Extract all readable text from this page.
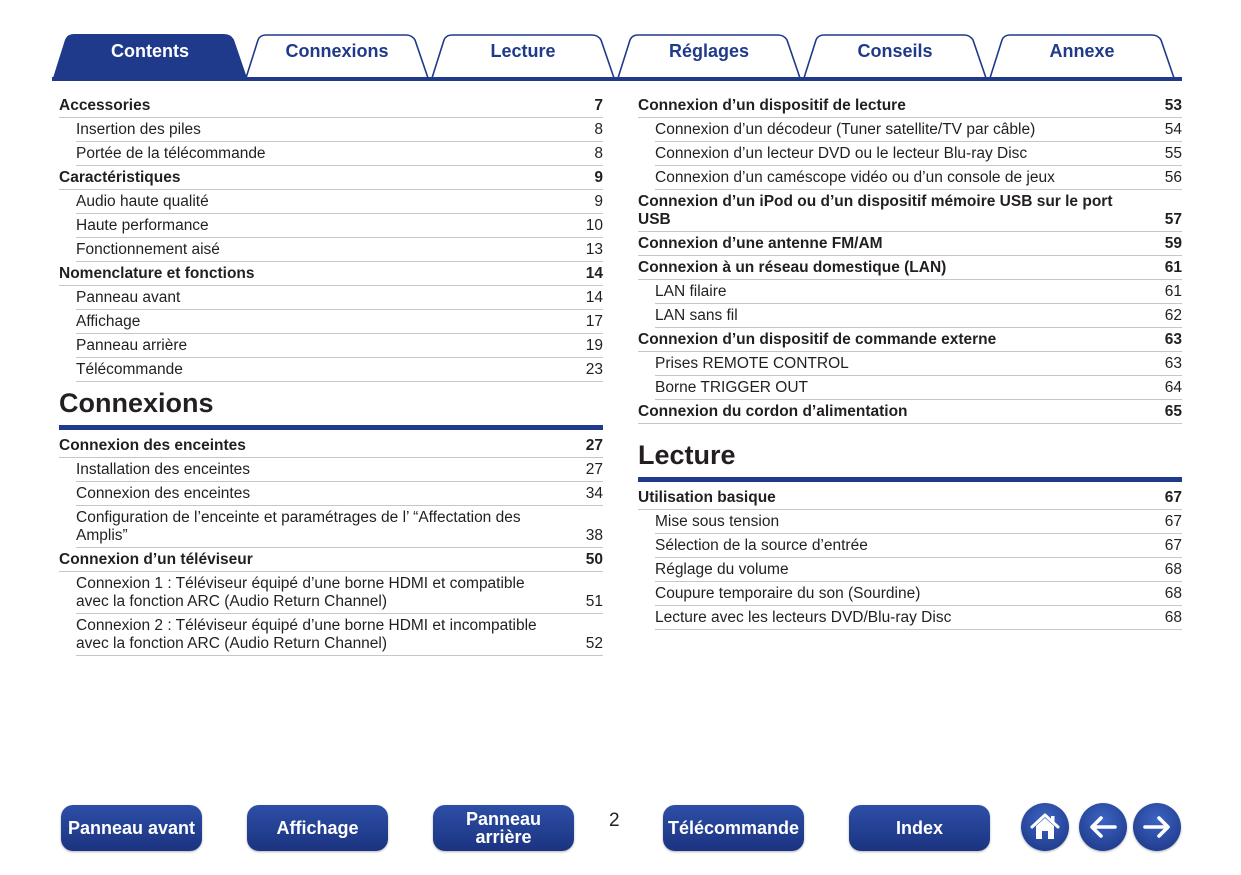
Contents	Connexions	Lecture	Réglages	Conseils	Annexe
Accessories	7
Insertion des piles	8
Portée de la télécommande	8
Caractéristiques	9
Audio haute qualité	9
Haute performance	10
Fonctionnement aisé	13
Nomenclature et fonctions	14
Panneau avant	14
Affichage	17
Panneau arrière	19
Télécommande	23
Connexions
Connexion des enceintes	27
Installation des enceintes	27
Connexion des enceintes	34
Configuration de l’enceinte et paramétrages de l’ “Affectation des Amplis”	38
Connexion d’un téléviseur	50
Connexion 1 : Téléviseur équipé d’une borne HDMI et compatible avec la fonction ARC (Audio Return Channel)	51
Connexion 2 : Téléviseur équipé d’une borne HDMI et incompatible avec la fonction ARC (Audio Return Channel)	52
Connexion d’un dispositif de lecture	53
Connexion d’un décodeur (Tuner satellite/TV par câble)	54
Connexion d’un lecteur DVD ou le lecteur Blu-ray Disc	55
Connexion d’un caméscope vidéo ou d’un console de jeux	56
Connexion d’un iPod ou d’un dispositif mémoire USB sur le port USB	57
Connexion d’une antenne FM/AM	59
Connexion à un réseau domestique (LAN)	61
LAN filaire	61
LAN sans fil	62
Connexion d’un dispositif de commande externe	63
Prises REMOTE CONTROL	63
Borne TRIGGER OUT	64
Connexion du cordon d’alimentation	65
Lecture
Utilisation basique	67
Mise sous tension	67
Sélection de la source d’entrée	67
Réglage du volume	68
Coupure temporaire du son (Sourdine)	68
Lecture avec les lecteurs DVD/Blu-ray Disc	68
Panneau avant	Affichage	Panneau
arrière
2	Télécommande	Index
